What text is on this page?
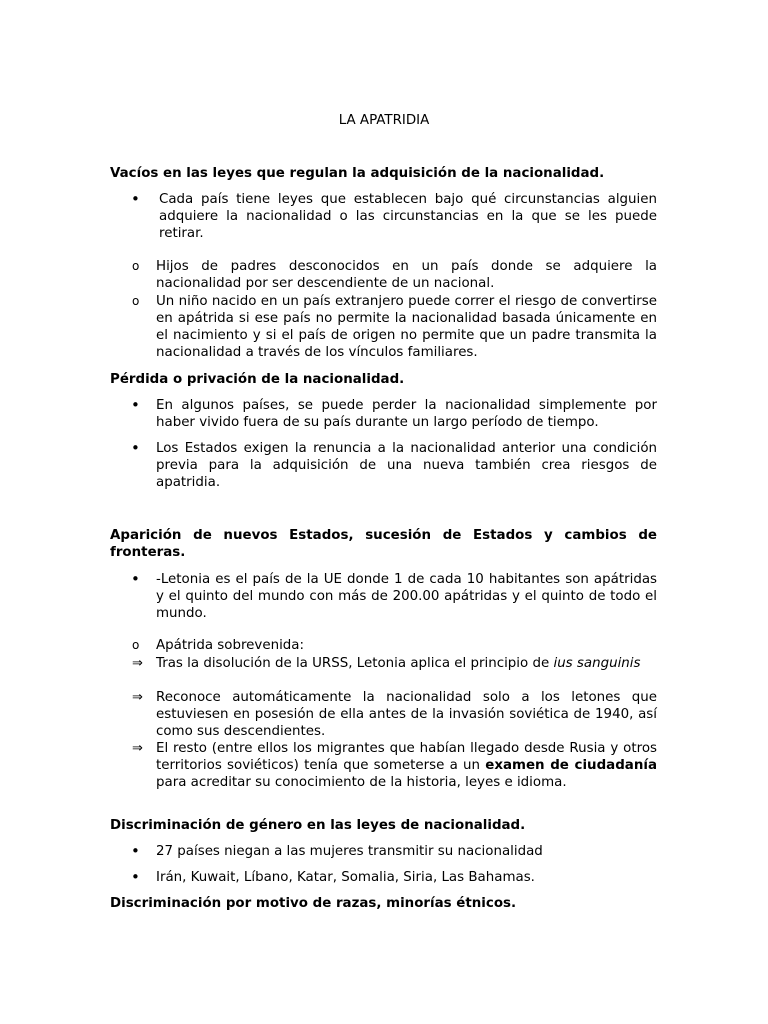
LA APATRIDIA
Vacíos en las leyes que regulan la adquisición de la nacionalidad.
•	Cada país tiene leyes que establecen bajo qué circunstancias alguien adquiere la nacionalidad o las circunstancias en la que se les puede retirar.
o	Hijos de padres desconocidos en un país donde se adquiere la nacionalidad por ser descendiente de un nacional.
o	Un niño nacido en un país extranjero puede correr el riesgo de convertirse en apátrida si ese país no permite la nacionalidad basada únicamente en el nacimiento y si el país de origen no permite que un padre transmita la nacionalidad a través de los vínculos familiares.
Pérdida o privación de la nacionalidad.
•	En algunos países, se puede perder la nacionalidad simplemente por haber vivido fuera de su país durante un largo período de tiempo.
•	Los Estados exigen la renuncia a la nacionalidad anterior una condición previa para la adquisición de una nueva también crea riesgos de apatridia.
Aparición de nuevos Estados, sucesión de Estados y cambios de fronteras.
•	-Letonia es el país de la UE donde 1 de cada 10 habitantes son apátridas y el quinto del mundo con más de 200.00 apátridas y el quinto de todo el mundo.
o	Apátrida sobrevenida:
⇒ Tras la disolución de la URSS, Letonia aplica el principio de ius sanguinis
⇒ Reconoce automáticamente la nacionalidad solo a los letones que estuviesen en posesión de ella antes de la invasión soviética de 1940, así como sus descendientes.
⇒ El resto (entre ellos los migrantes que habían llegado desde Rusia y otros territorios soviéticos) tenía que someterse a un examen de ciudadanía para acreditar su conocimiento de la historia, leyes e idioma.
Discriminación de género en las leyes de nacionalidad.
•	27 países niegan a las mujeres transmitir su nacionalidad
•	Irán, Kuwait, Líbano, Katar, Somalia, Siria, Las Bahamas.
Discriminación por motivo de razas, minorías étnicos.
